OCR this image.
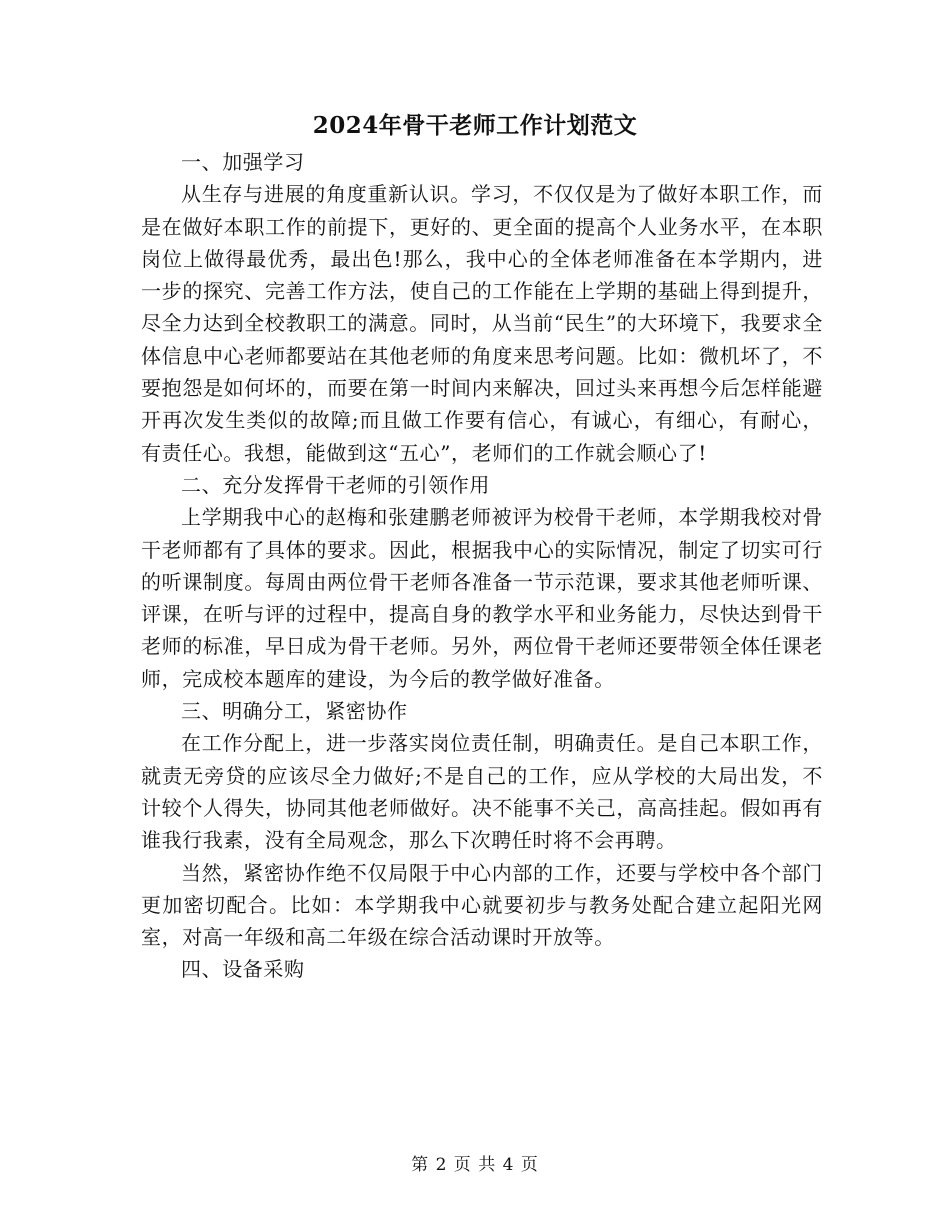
2024年骨干老师工作计划范文

一、加强学习

从生存与进展的角度重新认识。学习，不仅仅是为了做好本职工作，而是在做好本职工作的前提下，更好的、更全面的提高个人业务水平，在本职岗位上做得最优秀，最出色!那么，我中心的全体老师准备在本学期内，进一步的探究、完善工作方法，使自己的工作能在上学期的基础上得到提升，尽全力达到全校教职工的满意。同时，从当前“民生”的大环境下，我要求全体信息中心老师都要站在其他老师的角度来思考问题。比如：微机坏了，不要抱怨是如何坏的，而要在第一时间内来解决，回过头来再想今后怎样能避开再次发生类似的故障;而且做工作要有信心，有诚心，有细心，有耐心，有责任心。我想，能做到这“五心”，老师们的工作就会顺心了!

二、充分发挥骨干老师的引领作用

上学期我中心的赵梅和张建鹏老师被评为校骨干老师，本学期我校对骨干老师都有了具体的要求。因此，根据我中心的实际情况，制定了切实可行的听课制度。每周由两位骨干老师各准备一节示范课，要求其他老师听课、评课，在听与评的过程中，提高自身的教学水平和业务能力，尽快达到骨干老师的标准，早日成为骨干老师。另外，两位骨干老师还要带领全体任课老师，完成校本题库的建设，为今后的教学做好准备。

三、明确分工，紧密协作

在工作分配上，进一步落实岗位责任制，明确责任。是自己本职工作，就责无旁贷的应该尽全力做好;不是自己的工作，应从学校的大局出发，不计较个人得失，协同其他老师做好。决不能事不关己，高高挂起。假如再有谁我行我素，没有全局观念，那么下次聘任时将不会再聘。

当然，紧密协作绝不仅局限于中心内部的工作，还要与学校中各个部门更加密切配合。比如：本学期我中心就要初步与教务处配合建立起阳光网室，对高一年级和高二年级在综合活动课时开放等。

四、设备采购

第 2 页 共 4 页
